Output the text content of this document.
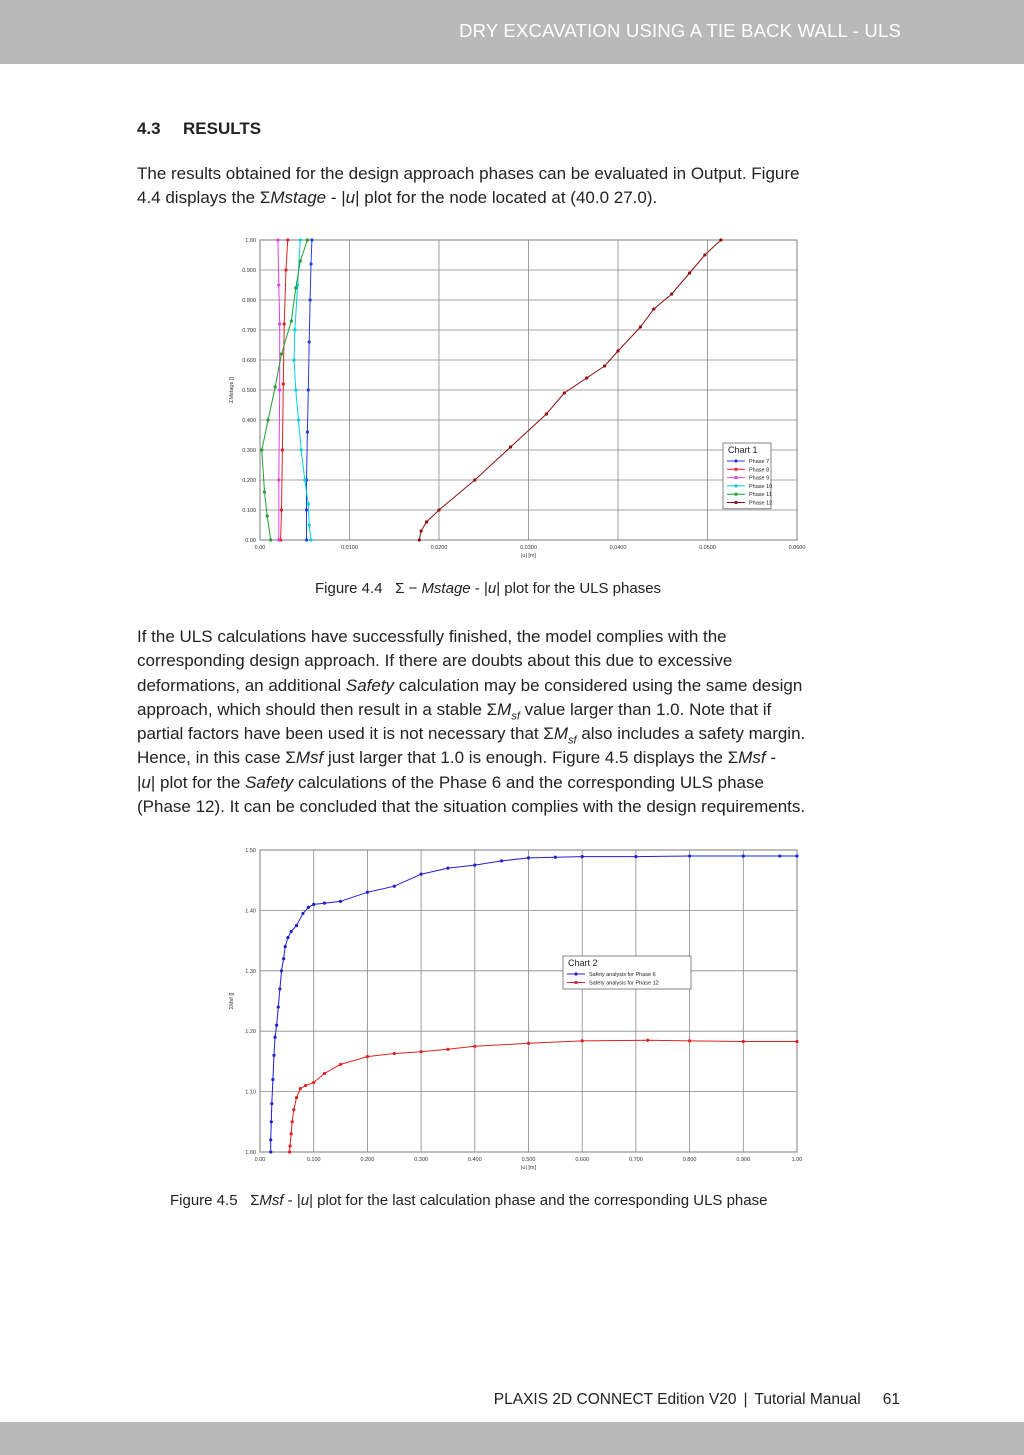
DRY EXCAVATION USING A TIE BACK WALL - ULS
4.3 RESULTS
The results obtained for the design approach phases can be evaluated in Output. Figure
4.4 displays the ΣMstage - |u| plot for the node located at (40.0 27.0).
0.00	0.0100	0.0200	0.0300	0.0400	0.0500	0.0600
0.00
0.100
0.200
0.300
0.400
0.500
0.600
0.700
0.800
0.900
1.00
|u| [m]
ΣMstage []
Chart 1
Phase 7
Phase 8
Phase 9
Phase 10
Phase 11
Phase 12
Figure 4.4 Σ − Mstage - |u| plot for the ULS phases
If the ULS calculations have successfully finished, the model complies with the
corresponding design approach. If there are doubts about this due to excessive
deformations, an additional Safety calculation may be considered using the same design
approach, which should then result in a stable $\Sigma M_{sf}$ value larger than 1.0. Note that if
partial factors have been used it is not necessary that $\Sigma M_{sf}$ also includes a safety margin.
Hence, in this case ΣMsf just larger that 1.0 is enough. Figure 4.5 displays the ΣMsf -
|u| plot for the Safety calculations of the Phase 6 and the corresponding ULS phase
(Phase 12). It can be concluded that the situation complies with the design requirements.
0.00	0.100	0.200	0.300	0.400	0.500	0.600	0.700	0.800	0.900	1.00
1.00
1.10
1.20
1.30
1.40
1.50
|u| [m]
ΣMsf []
Chart 2
Safety analysis for Phase 6
Safety analysis for Phase 12
Figure 4.5 ΣMsf - |u| plot for the last calculation phase and the corresponding ULS phase
PLAXIS 2D CONNECT Edition V20 | Tutorial Manual 61
